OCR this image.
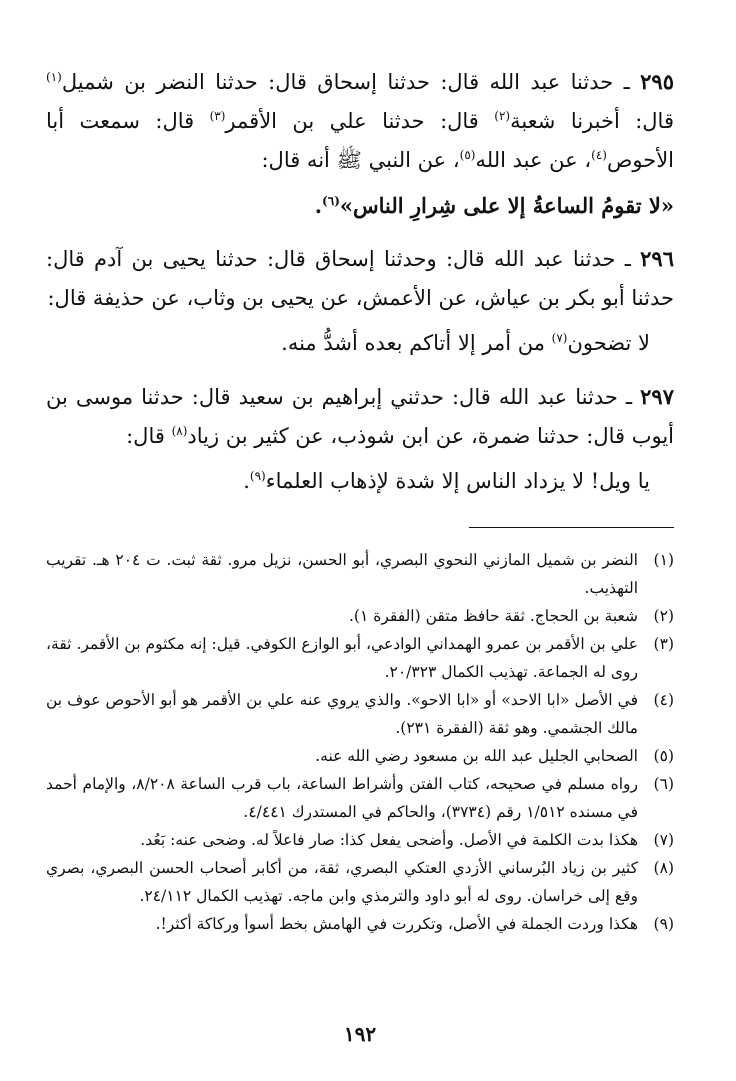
٢٩٥ ـ حدثنا عبد الله قال: حدثنا إسحاق قال: حدثنا النضر بن شميل$^{(١)}$ قال: أخبرنا شعبة$^{(٢)}$ قال: حدثنا علي بن الأقمر$^{(٣)}$ قال: سمعت أبا الأحوص$^{(٤)}$، عن عبد الله$^{(٥)}$، عن النبي ﷺ أنه قال:

«لا تقومُ الساعةُ إلا على شِرارِ الناس»$^{(٦)}$.

٢٩٦ ـ حدثنا عبد الله قال: وحدثنا إسحاق قال: حدثنا يحيى بن آدم قال: حدثنا أبو بكر بن عياش، عن الأعمش، عن يحيى بن وثاب، عن حذيفة قال:

لا تضحون$^{(٧)}$ من أمر إلا أتاكم بعده أشدُّ منه.

٢٩٧ ـ حدثنا عبد الله قال: حدثني إبراهيم بن سعيد قال: حدثنا موسى بن أيوب قال: حدثنا ضمرة، عن ابن شوذب، عن كثير بن زياد$^{(٨)}$ قال:

يا ويل! لا يزداد الناس إلا شدة لإذهاب العلماء$^{(٩)}$.

(١)
النضر بن شميل المازني النحوي البصري، أبو الحسن، نزيل مرو. ثقة ثبت. ت ٢٠٤ هـ. تقريب التهذيب.
(٢)
شعبة بن الحجاج. ثقة حافظ متقن (الفقرة ١).
(٣)
علي بن الأقمر بن عمرو الهمداني الوادعي، أبو الوازع الكوفي. قيل: إنه مكثوم بن الأقمر. ثقة، روى له الجماعة. تهذيب الكمال ٢٠/٣٢٣.
(٤)
في الأصل «ابا الاحد» أو «ابا الاحو». والذي يروي عنه علي بن الأقمر هو أبو الأحوص عوف بن مالك الجشمي. وهو ثقة (الفقرة ٢٣١).
(٥)
الصحابي الجليل عبد الله بن مسعود رضي الله عنه.
(٦)
رواه مسلم في صحيحه، كتاب الفتن وأشراط الساعة، باب قرب الساعة ٨/٢٠٨، والإمام أحمد في مسنده ١/٥١٢ رقم (٣٧٣٤)، والحاكم في المستدرك ٤/٤٤١.
(٧)
هكذا بدت الكلمة في الأصل. وأضحى يفعل كذا: صار فاعلاً له. وضحى عنه: بَعُد.
(٨)
كثير بن زياد البُرساني الأزدي العتكي البصري، ثقة، من أكابر أصحاب الحسن البصري، بصري وقع إلى خراسان. روى له أبو داود والترمذي وابن ماجه. تهذيب الكمال ٢٤/١١٢.
(٩)
هكذا وردت الجملة في الأصل، وتكررت في الهامش بخط أسوأ وركاكة أكثر!.
١٩٢
